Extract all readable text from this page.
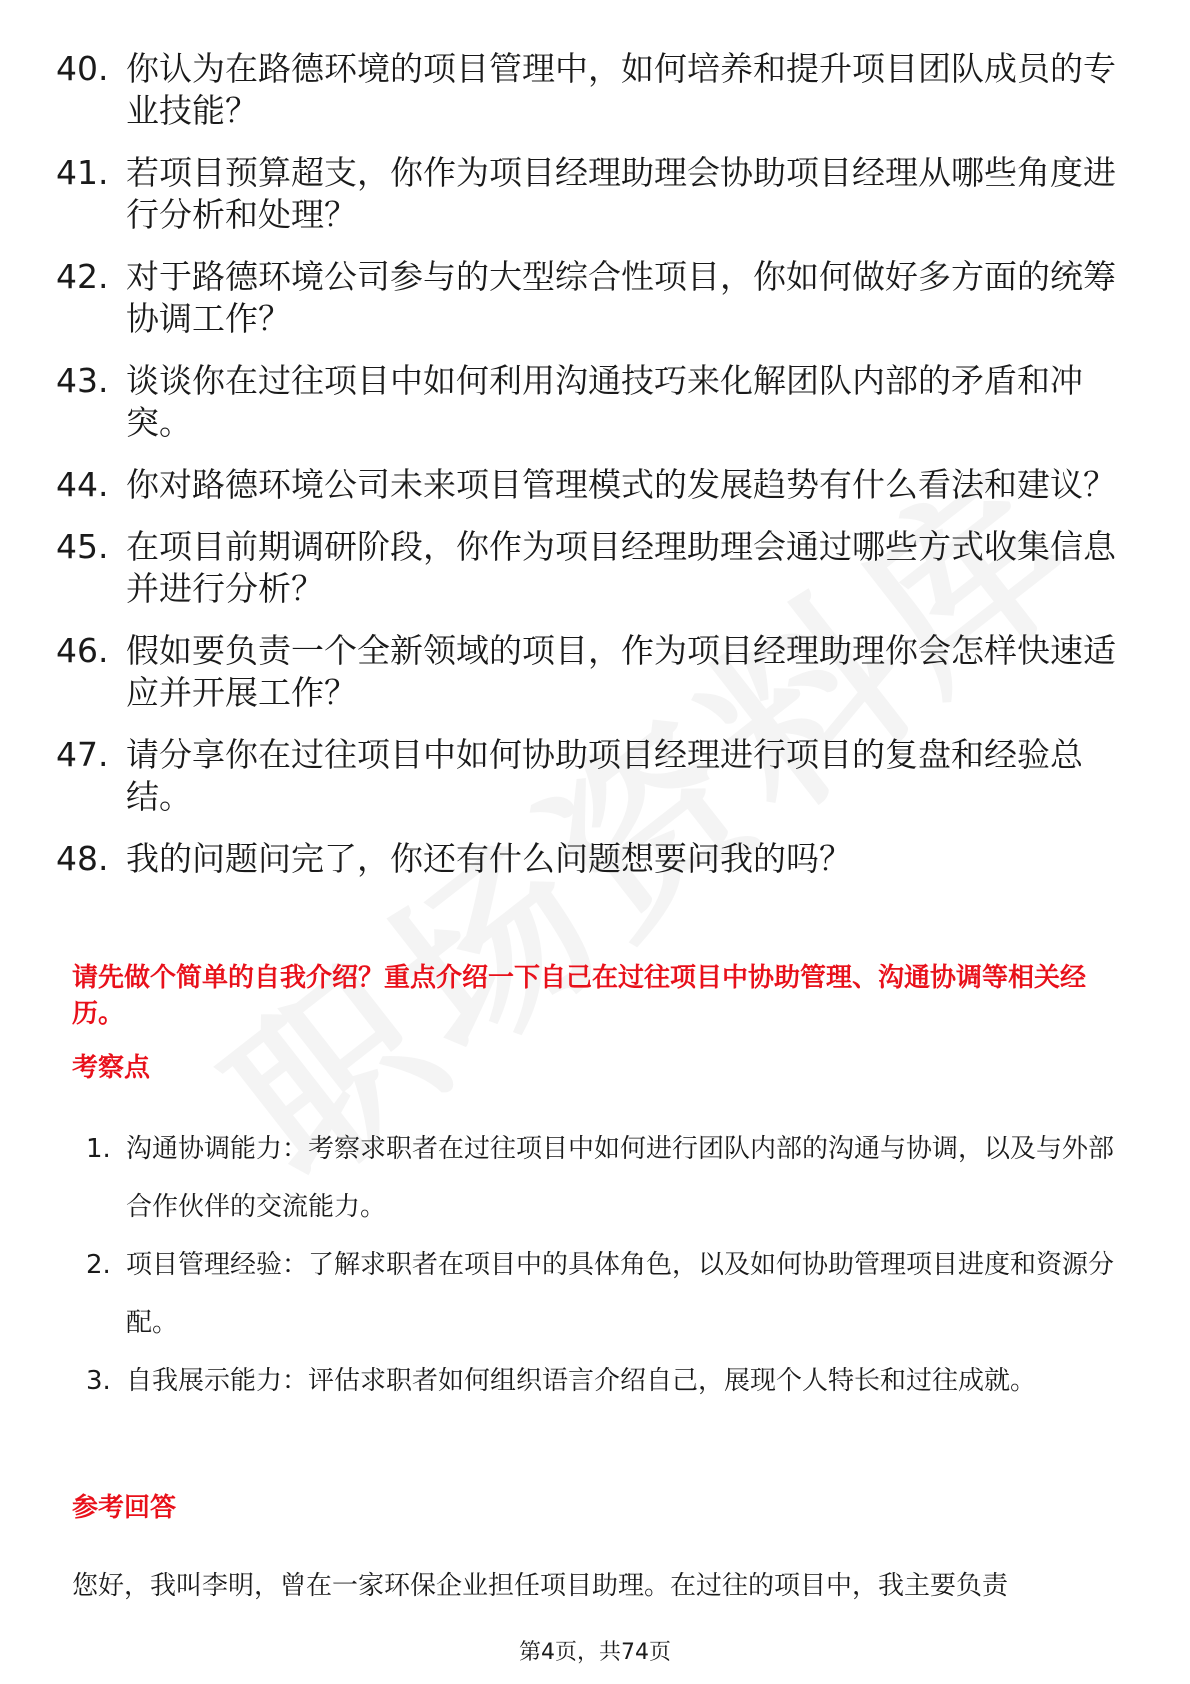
40. 你认为在路德环境的项目管理中，如何培养和提升项目团队成员的专业技能？
41. 若项目预算超支，你作为项目经理助理会协助项目经理从哪些角度进行分析和处理？
42. 对于路德环境公司参与的大型综合性项目，你如何做好多方面的统筹协调工作？
43. 谈谈你在过往项目中如何利用沟通技巧来化解团队内部的矛盾和冲突。
44. 你对路德环境公司未来项目管理模式的发展趋势有什么看法和建议？
45. 在项目前期调研阶段，你作为项目经理助理会通过哪些方式收集信息并进行分析？
46. 假如要负责一个全新领域的项目，作为项目经理助理你会怎样快速适应并开展工作？
47. 请分享你在过往项目中如何协助项目经理进行项目的复盘和经验总结。
48. 我的问题问完了，你还有什么问题想要问我的吗？
请先做个简单的自我介绍？重点介绍一下自己在过往项目中协助管理、沟通协调等相关经历。
考察点
1. 沟通协调能力：考察求职者在过往项目中如何进行团队内部的沟通与协调，以及与外部合作伙伴的交流能力。
2. 项目管理经验：了解求职者在项目中的具体角色，以及如何协助管理项目进度和资源分配。
3. 自我展示能力：评估求职者如何组织语言介绍自己，展现个人特长和过往成就。
参考回答
您好，我叫李明，曾在一家环保企业担任项目助理。在过往的项目中，我主要负责
第4页，共74页
